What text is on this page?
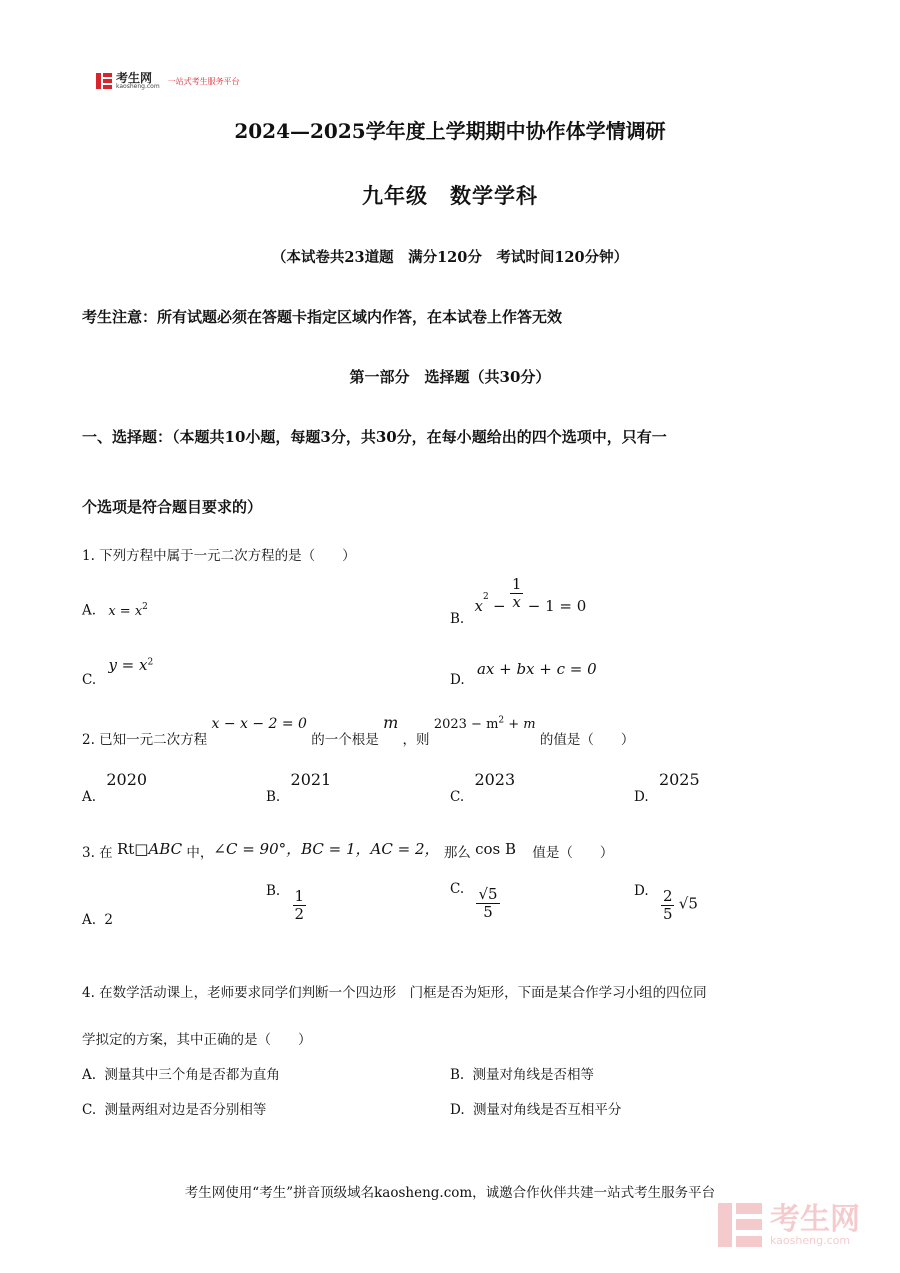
考生网
kaosheng.com
一站式考生服务平台
2024—2025学年度上学期期中协作体学情调研
九年级　数学学科
（本试卷共23道题　满分120分　考试时间120分钟）
考生注意：所有试题必须在答题卡指定区域内作答，在本试卷上作答无效
第一部分　选择题（共30分）
一、选择题：（本题共10小题，每题3分，共30分，在每小题给出的四个选项中，只有一
个选项是符合题目要求的）
1. 下列方程中属于一元二次方程的是（　　）
A. $x = x^2$
B. $x^2 - \frac{1}{x} - 1 = 0$
C. $y = x^2$
D. ax + bx + c = 0
2. 已知一元二次方程 x − x − 2 = 0 的一个根是 m ，则 $2023 - m^2 + m$ 的值是（　　）
A. 2020
B. 2021
C. 2023
D. 2025
3. 在 Rt□ABC 中，∠C = 90°，BC = 1，AC = 2， 那么 cos B 值是（　　）
A. 2
B. $\frac{1}{2}$	C. $\frac{√5}{5}$	D. $\frac{2}{5} √5$
4. 在数学活动课上，老师要求同学们判断一个四边形　门框是否为矩形，下面是某合作学习小组的四位同
学拟定的方案，其中正确的是（　　）
A. 测量其中三个角是否都为直角	B. 测量对角线是否相等
C. 测量两组对边是否分别相等	D. 测量对角线是否互相平分
考生网使用“考生”拼音顶级域名kaosheng.com，诚邀合作伙伴共建一站式考生服务平台
考生网
kaosheng.com
